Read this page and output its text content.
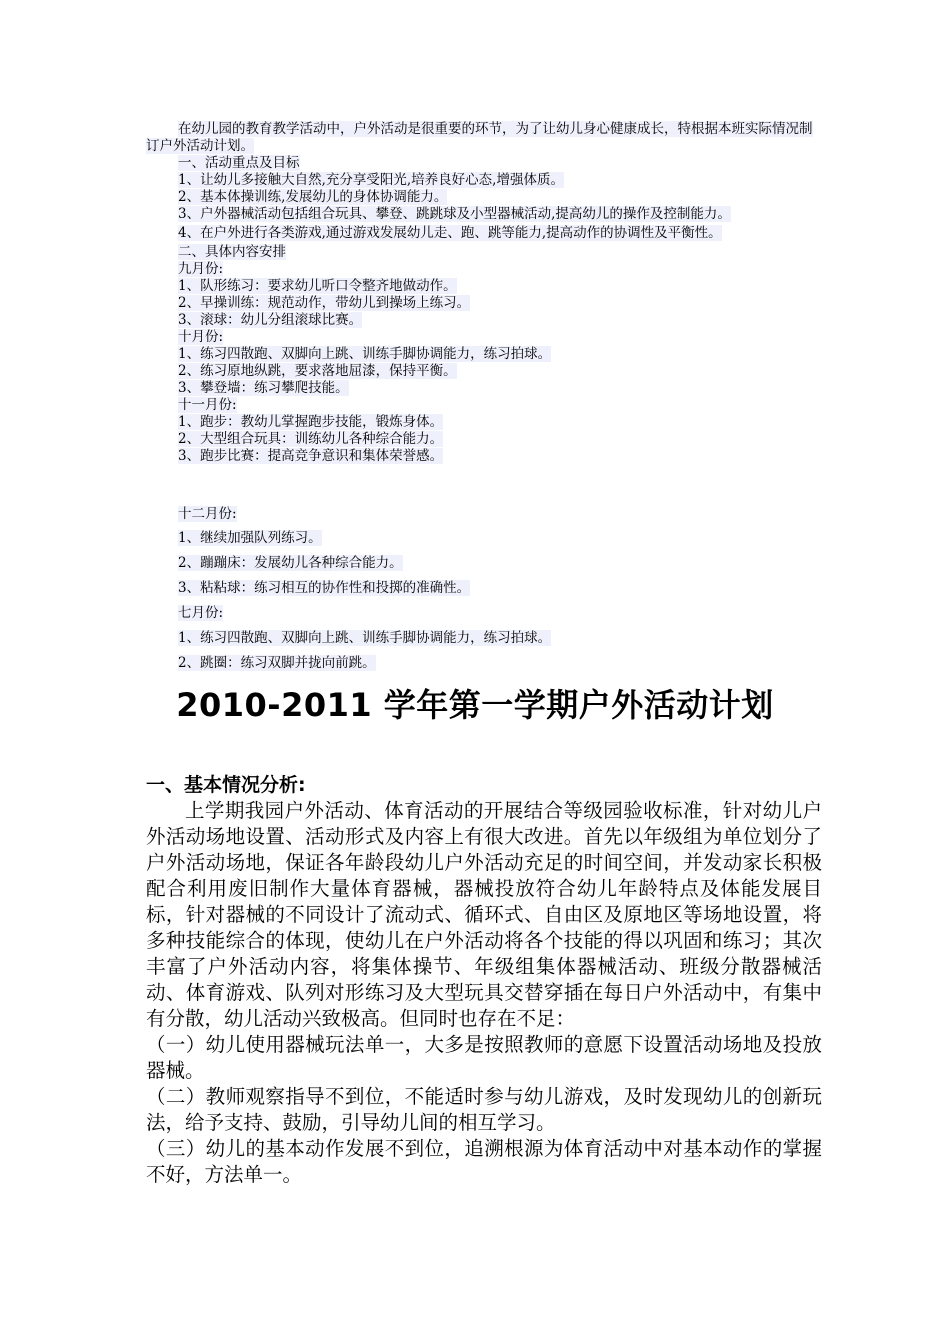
在幼儿园的教育教学活动中，户外活动是很重要的环节，为了让幼儿身心健康成长，特根据本班实际情况制订户外活动计划。
一、活动重点及目标
1、让幼儿多接触大自然,充分享受阳光,培养良好心态,增强体质。
2、基本体操训练,发展幼儿的身体协调能力。
3、户外器械活动包括组合玩具、攀登、跳跳球及小型器械活动,提高幼儿的操作及控制能力。
4、在户外进行各类游戏,通过游戏发展幼儿走、跑、跳等能力,提高动作的协调性及平衡性。
二、具体内容安排
九月份:
1、队形练习：要求幼儿听口令整齐地做动作。
2、早操训练：规范动作，带幼儿到操场上练习。
3、滚球：幼儿分组滚球比赛。
十月份:
1、练习四散跑、双脚向上跳、训练手脚协调能力，练习拍球。
2、练习原地纵跳，要求落地屈漆，保持平衡。
3、攀登墙：练习攀爬技能。
十一月份:
1、跑步：教幼儿掌握跑步技能，锻炼身体。
2、大型组合玩具：训练幼儿各种综合能力。
3、跑步比赛：提高竞争意识和集体荣誉感。
十二月份:
1、继续加强队列练习。
2、蹦蹦床：发展幼儿各种综合能力。
3、粘粘球：练习相互的协作性和投掷的准确性。
七月份:
1、练习四散跑、双脚向上跳、训练手脚协调能力，练习拍球。
2、跳圈：练习双脚并拢向前跳。
2010-2011 学年第一学期户外活动计划

一、基本情况分析:

上学期我园户外活动、体育活动的开展结合等级园验收标准，针对幼儿户外活动场地设置、活动形式及内容上有很大改进。首先以年级组为单位划分了户外活动场地，保证各年龄段幼儿户外活动充足的时间空间，并发动家长积极配合利用废旧制作大量体育器械，器械投放符合幼儿年龄特点及体能发展目标，针对器械的不同设计了流动式、循环式、自由区及原地区等场地设置，将多种技能综合的体现，使幼儿在户外活动将各个技能的得以巩固和练习；其次丰富了户外活动内容，将集体操节、年级组集体器械活动、班级分散器械活动、体育游戏、队列对形练习及大型玩具交替穿插在每日户外活动中，有集中有分散，幼儿活动兴致极高。但同时也存在不足：

（一）幼儿使用器械玩法单一，大多是按照教师的意愿下设置活动场地及投放器械。

（二）教师观察指导不到位，不能适时参与幼儿游戏，及时发现幼儿的创新玩法，给予支持、鼓励，引导幼儿间的相互学习。

（三）幼儿的基本动作发展不到位，追溯根源为体育活动中对基本动作的掌握不好，方法单一。
